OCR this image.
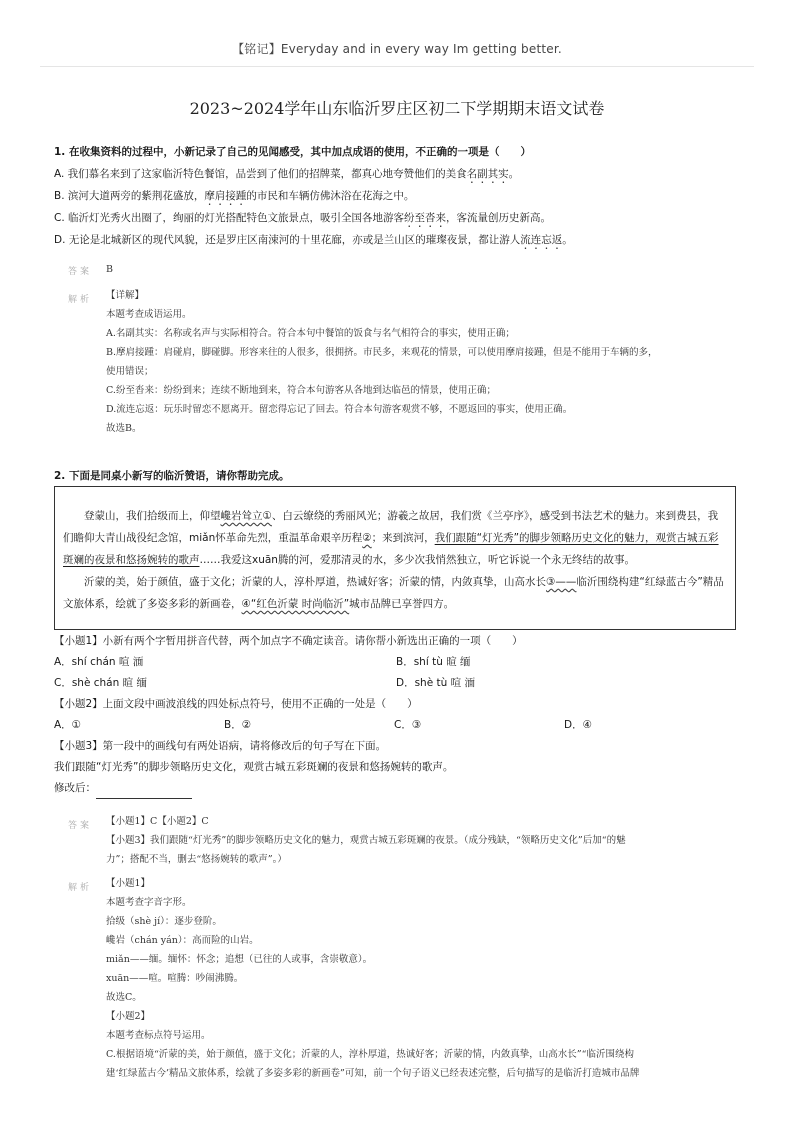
【铭记】Everyday and in every way Im getting better.
2023~2024学年山东临沂罗庄区初二下学期期末语文试卷
1. 在收集资料的过程中，小新记录了自己的见闻感受，其中加点成语的使用，不正确的一项是（　　）
A. 我们慕名来到了这家临沂特色餐馆，品尝到了他们的招牌菜，都真心地夸赞他们的美食名副其实。
B. 滨河大道两旁的紫荆花盛放，摩肩接踵的市民和车辆仿佛沐浴在花海之中。
C. 临沂灯光秀火出圈了，绚丽的灯光搭配特色文旅景点，吸引全国各地游客纷至沓来，客流量创历史新高。
D. 无论是北城新区的现代风貌，还是罗庄区南涑河的十里花廊，亦或是兰山区的璀璨夜景，都让游人流连忘返。
答案 B
解析 【详解】
本题考查成语运用。
A.名副其实：名称或名声与实际相符合。符合本句中餐馆的饭食与名气相符合的事实，使用正确；
B.摩肩接踵：肩碰肩，脚碰脚。形容来往的人很多，很拥挤。市民多，来观花的情景，可以使用摩肩接踵，但是不能用于车辆的多，
使用错误；
C.纷至沓来：纷纷到来；连续不断地到来，符合本句游客从各地到达临邑的情景，使用正确；
D.流连忘返：玩乐时留恋不愿离开。留恋得忘记了回去。符合本句游客观赏不够，不愿返回的事实，使用正确。
故选B。
2. 下面是同桌小新写的临沂赞语，请你帮助完成。

登蒙山，我们拾级而上，仰望巉岩耸立①、白云缭绕的秀丽风光；游羲之故居，我们赏《兰亭序》，感受到书法艺术的魅力。来到费县，我们瞻仰大青山战役纪念馆，miǎn怀革命先烈，重温革命艰辛历程②；来到滨河，我们跟随“灯光秀”的脚步领略历史文化的魅力，观赏古城五彩斑斓的夜景和悠扬婉转的歌声……我爱这xuān腾的河，爱那清灵的水，多少次我悄然独立，听它诉说一个永无终结的故事。

沂蒙的美，始于颜值，盛于文化；沂蒙的人，淳朴厚道，热诚好客；沂蒙的情，内敛真挚，山高水长③——临沂围绕构建“红绿蓝古今”精品文旅体系，绘就了多姿多彩的新画卷，④“红色沂蒙 时尚临沂”城市品牌已享誉四方。

【小题1】小新有两个字暂用拼音代替，两个加点字不确定读音。请你帮小新选出正确的一项（　　）
A．shí chán 喧 湎	B．shí tù 暄 缅
C．shè chán 暄 缅	D．shè tù 喧 湎
【小题2】上面文段中画波浪线的四处标点符号，使用不正确的一处是（　　）
A．①	B．②	C．③	D．④
【小题3】第一段中的画线句有两处语病，请将修改后的句子写在下面。
我们跟随“灯光秀”的脚步领略历史文化，观赏古城五彩斑斓的夜景和悠扬婉转的歌声。
修改后：
答案 【小题1】C【小题2】C
【小题3】我们跟随“灯光秀”的脚步领略历史文化的魅力，观赏古城五彩斑斓的夜景。（成分残缺，“领略历史文化”后加“的魅
力”；搭配不当，删去“悠扬婉转的歌声”。）
解析 【小题1】
本题考查字音字形。
拾级（shè jí）：逐步登阶。
巉岩（chán yán）：高而险的山岩。
miǎn——缅。缅怀：怀念；追想（已往的人或事，含崇敬意）。
xuān——喧。喧腾：吵闹沸腾。
故选C。
【小题2】
本题考查标点符号运用。
C.根据语境“沂蒙的美，始于颜值，盛于文化；沂蒙的人，淳朴厚道，热诚好客；沂蒙的情，内敛真挚，山高水长”“临沂围绕构
建‘红绿蓝古今’精品文旅体系，绘就了多姿多彩的新画卷”可知，前一个句子语义已经表述完整，后句描写的是临沂打造城市品牌
